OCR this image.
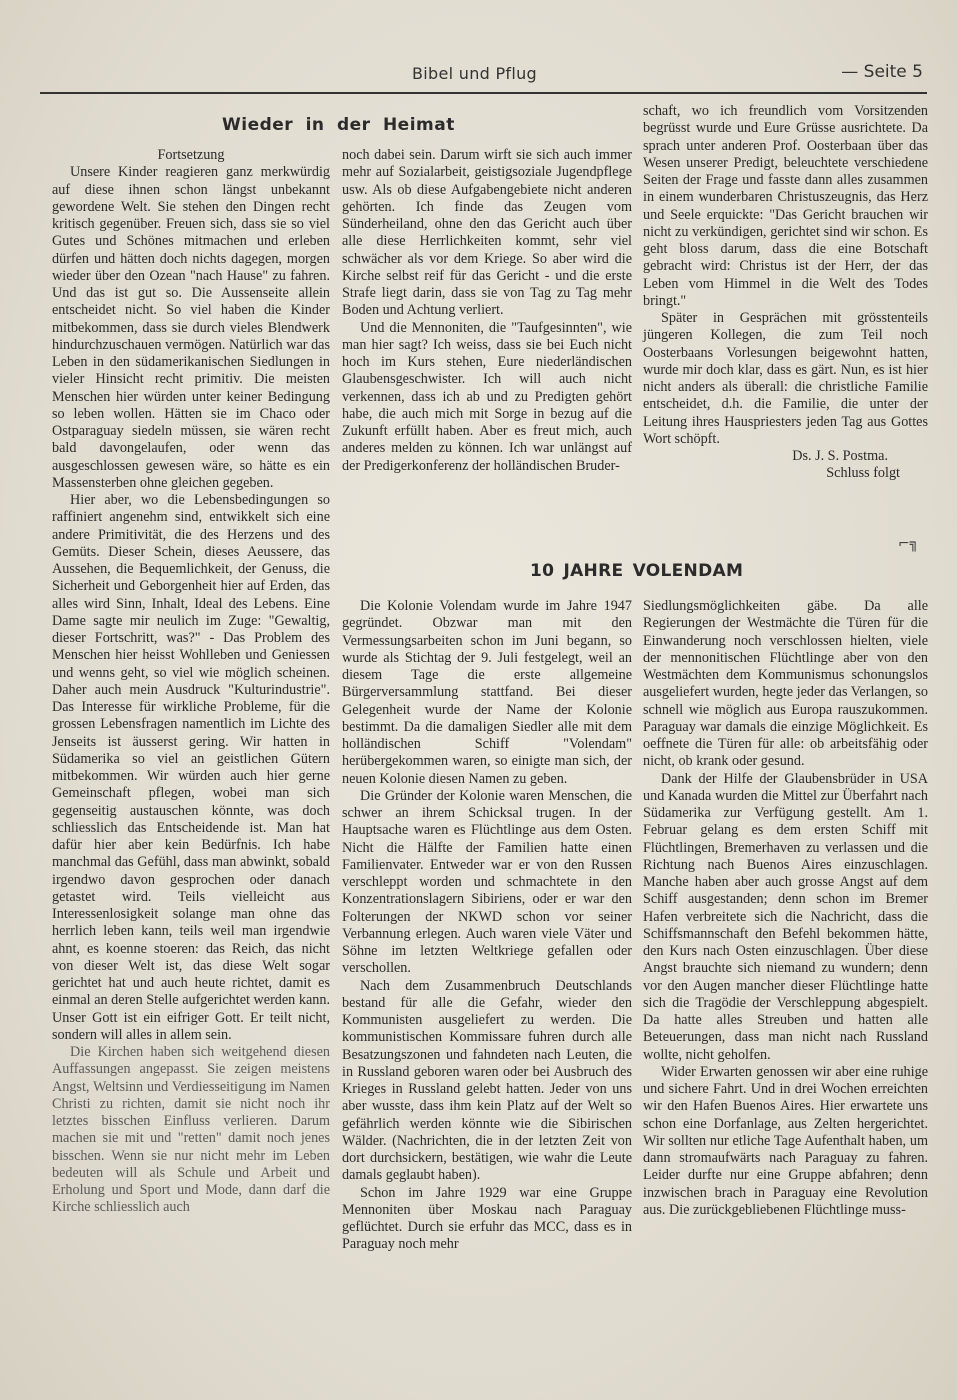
Bibel und Pflug	— Seite 5
Wieder in der Heimat

Fortsetzung

Unsere Kinder reagieren ganz merkwürdig auf diese ihnen schon längst unbekannt gewordene Welt. Sie stehen den Dingen recht kritisch gegenüber. Freuen sich, dass sie so viel Gutes und Schönes mitmachen und erleben dürfen und hätten doch nichts dagegen, morgen wieder über den Ozean "nach Hause" zu fahren. Und das ist gut so. Die Aussenseite allein entscheidet nicht. So viel haben die Kinder mitbekommen, dass sie durch vieles Blendwerk hindurchzuschauen vermögen. Natürlich war das Leben in den südamerikanischen Siedlungen in vieler Hinsicht recht primitiv. Die meisten Menschen hier würden unter keiner Bedingung so leben wollen. Hätten sie im Chaco oder Ostparaguay siedeln müssen, sie wären recht bald davongelaufen, oder wenn das ausgeschlossen gewesen wäre, so hätte es ein Massensterben ohne gleichen gegeben.

Hier aber, wo die Lebensbedingungen so raffiniert angenehm sind, entwikkelt sich eine andere Primitivität, die des Herzens und des Gemüts. Dieser Schein, dieses Aeussere, das Aussehen, die Bequemlichkeit, der Genuss, die Sicherheit und Geborgenheit hier auf Erden, das alles wird Sinn, Inhalt, Ideal des Lebens. Eine Dame sagte mir neulich im Zuge: "Gewaltig, dieser Fortschritt, was?" - Das Problem des Menschen hier heisst Wohlleben und Geniessen und wenns geht, so viel wie möglich scheinen. Daher auch mein Ausdruck "Kulturindustrie". Das Interesse für wirkliche Probleme, für die grossen Lebensfragen namentlich im Lichte des Jenseits ist äusserst gering. Wir hatten in Südamerika so viel an geistlichen Gütern mitbekommen. Wir würden auch hier gerne Gemeinschaft pflegen, wobei man sich gegenseitig austauschen könnte, was doch schliesslich das Entscheidende ist. Man hat dafür hier aber kein Bedürfnis. Ich habe manchmal das Gefühl, dass man abwinkt, sobald irgendwo davon gesprochen oder danach getastet wird. Teils vielleicht aus Interessenlosigkeit solange man ohne das herrlich leben kann, teils weil man irgendwie ahnt, es koenne stoeren: das Reich, das nicht von dieser Welt ist, das diese Welt sogar gerichtet hat und auch heute richtet, damit es einmal an deren Stelle aufgerichtet werden kann. Unser Gott ist ein eifriger Gott. Er teilt nicht, sondern will alles in allem sein.

Die Kirchen haben sich weitgehend diesen Auffassungen angepasst. Sie zeigen meistens Angst, Weltsinn und Verdiesseitigung im Namen Christi zu richten, damit sie nicht noch ihr letztes bisschen Einfluss verlieren. Darum machen sie mit und "retten" damit noch jenes bisschen. Wenn sie nur nicht mehr im Leben bedeuten will als Schule und Arbeit und Erholung und Sport und Mode, dann darf die Kirche schliesslich auch

noch dabei sein. Darum wirft sie sich auch immer mehr auf Sozialarbeit, geistigsoziale Jugendpflege usw. Als ob diese Aufgabengebiete nicht anderen gehörten. Ich finde das Zeugen vom Sünderheiland, ohne den das Gericht auch über alle diese Herrlichkeiten kommt, sehr viel schwächer als vor dem Kriege. So aber wird die Kirche selbst reif für das Gericht - und die erste Strafe liegt darin, dass sie von Tag zu Tag mehr Boden und Achtung verliert.

Und die Mennoniten, die "Taufgesinnten", wie man hier sagt? Ich weiss, dass sie bei Euch nicht hoch im Kurs stehen, Eure niederländischen Glaubensgeschwister. Ich will auch nicht verkennen, dass ich ab und zu Predigten gehört habe, die auch mich mit Sorge in bezug auf die Zukunft erfüllt haben. Aber es freut mich, auch anderes melden zu können. Ich war unlängst auf der Predigerkonferenz der holländischen Bruder-

schaft, wo ich freundlich vom Vorsitzenden begrüsst wurde und Eure Grüsse ausrichtete. Da sprach unter anderen Prof. Oosterbaan über das Wesen unserer Predigt, beleuchtete verschiedene Seiten der Frage und fasste dann alles zusammen in einem wunderbaren Christuszeugnis, das Herz und Seele erquickte: "Das Gericht brauchen wir nicht zu verkündigen, gerichtet sind wir schon. Es geht bloss darum, dass die eine Botschaft gebracht wird: Christus ist der Herr, der das Leben vom Himmel in die Welt des Todes bringt."

Später in Gesprächen mit grösstenteils jüngeren Kollegen, die zum Teil noch Oosterbaans Vorlesungen beigewohnt hatten, wurde mir doch klar, dass es gärt. Nun, es ist hier nicht anders als überall: die christliche Familie entscheidet, d.h. die Familie, die unter der Leitung ihres Hauspriesters jeden Tag aus Gottes Wort schöpft.

Ds. J. S. Postma.

Schluss folgt

⌐╗
10 JAHRE VOLENDAM

Die Kolonie Volendam wurde im Jahre 1947 gegründet. Obzwar man mit den Vermessungsarbeiten schon im Juni begann, so wurde als Stichtag der 9. Juli festgelegt, weil an diesem Tage die erste allgemeine Bürgerversammlung stattfand. Bei dieser Gelegenheit wurde der Name der Kolonie bestimmt. Da die damaligen Siedler alle mit dem holländischen Schiff "Volendam" herübergekommen waren, so einigte man sich, der neuen Kolonie diesen Namen zu geben.

Die Gründer der Kolonie waren Menschen, die schwer an ihrem Schicksal trugen. In der Hauptsache waren es Flüchtlinge aus dem Osten. Nicht die Hälfte der Familien hatte einen Familienvater. Entweder war er von den Russen verschleppt worden und schmachtete in den Konzentrationslagern Sibiriens, oder er war den Folterungen der NKWD schon vor seiner Verbannung erlegen. Auch waren viele Väter und Söhne im letzten Weltkriege gefallen oder verschollen.

Nach dem Zusammenbruch Deutschlands bestand für alle die Gefahr, wieder den Kommunisten ausgeliefert zu werden. Die kommunistischen Kommissare fuhren durch alle Besatzungszonen und fahndeten nach Leuten, die in Russland geboren waren oder bei Ausbruch des Krieges in Russland gelebt hatten. Jeder von uns aber wusste, dass ihm kein Platz auf der Welt so gefährlich werden könnte wie die Sibirischen Wälder. (Nachrichten, die in der letzten Zeit von dort durchsickern, bestätigen, wie wahr die Leute damals geglaubt haben).

Schon im Jahre 1929 war eine Gruppe Mennoniten über Moskau nach Paraguay geflüchtet. Durch sie erfuhr das MCC, dass es in Paraguay noch mehr

Siedlungsmöglichkeiten gäbe. Da alle Regierungen der Westmächte die Türen für die Einwanderung noch verschlossen hielten, viele der mennonitischen Flüchtlinge aber von den Westmächten dem Kommunismus schonungslos ausgeliefert wurden, hegte jeder das Verlangen, so schnell wie möglich aus Europa rauszukommen. Paraguay war damals die einzige Möglichkeit. Es oeffnete die Türen für alle: ob arbeitsfähig oder nicht, ob krank oder gesund.

Dank der Hilfe der Glaubensbrüder in USA und Kanada wurden die Mittel zur Überfahrt nach Südamerika zur Verfügung gestellt. Am 1. Februar gelang es dem ersten Schiff mit Flüchtlingen, Bremerhaven zu verlassen und die Richtung nach Buenos Aires einzuschlagen. Manche haben aber auch grosse Angst auf dem Schiff ausgestanden; denn schon im Bremer Hafen verbreitete sich die Nachricht, dass die Schiffsmannschaft den Befehl bekommen hätte, den Kurs nach Osten einzuschlagen. Über diese Angst brauchte sich niemand zu wundern; denn vor den Augen mancher dieser Flüchtlinge hatte sich die Tragödie der Verschleppung abgespielt. Da hatte alles Streuben und hatten alle Beteuerungen, dass man nicht nach Russland wollte, nicht geholfen.

Wider Erwarten genossen wir aber eine ruhige und sichere Fahrt. Und in drei Wochen erreichten wir den Hafen Buenos Aires. Hier erwartete uns schon eine Dorfanlage, aus Zelten hergerichtet. Wir sollten nur etliche Tage Aufenthalt haben, um dann stromaufwärts nach Paraguay zu fahren. Leider durfte nur eine Gruppe abfahren; denn inzwischen brach in Paraguay eine Revolution aus. Die zurückgebliebenen Flüchtlinge muss-
